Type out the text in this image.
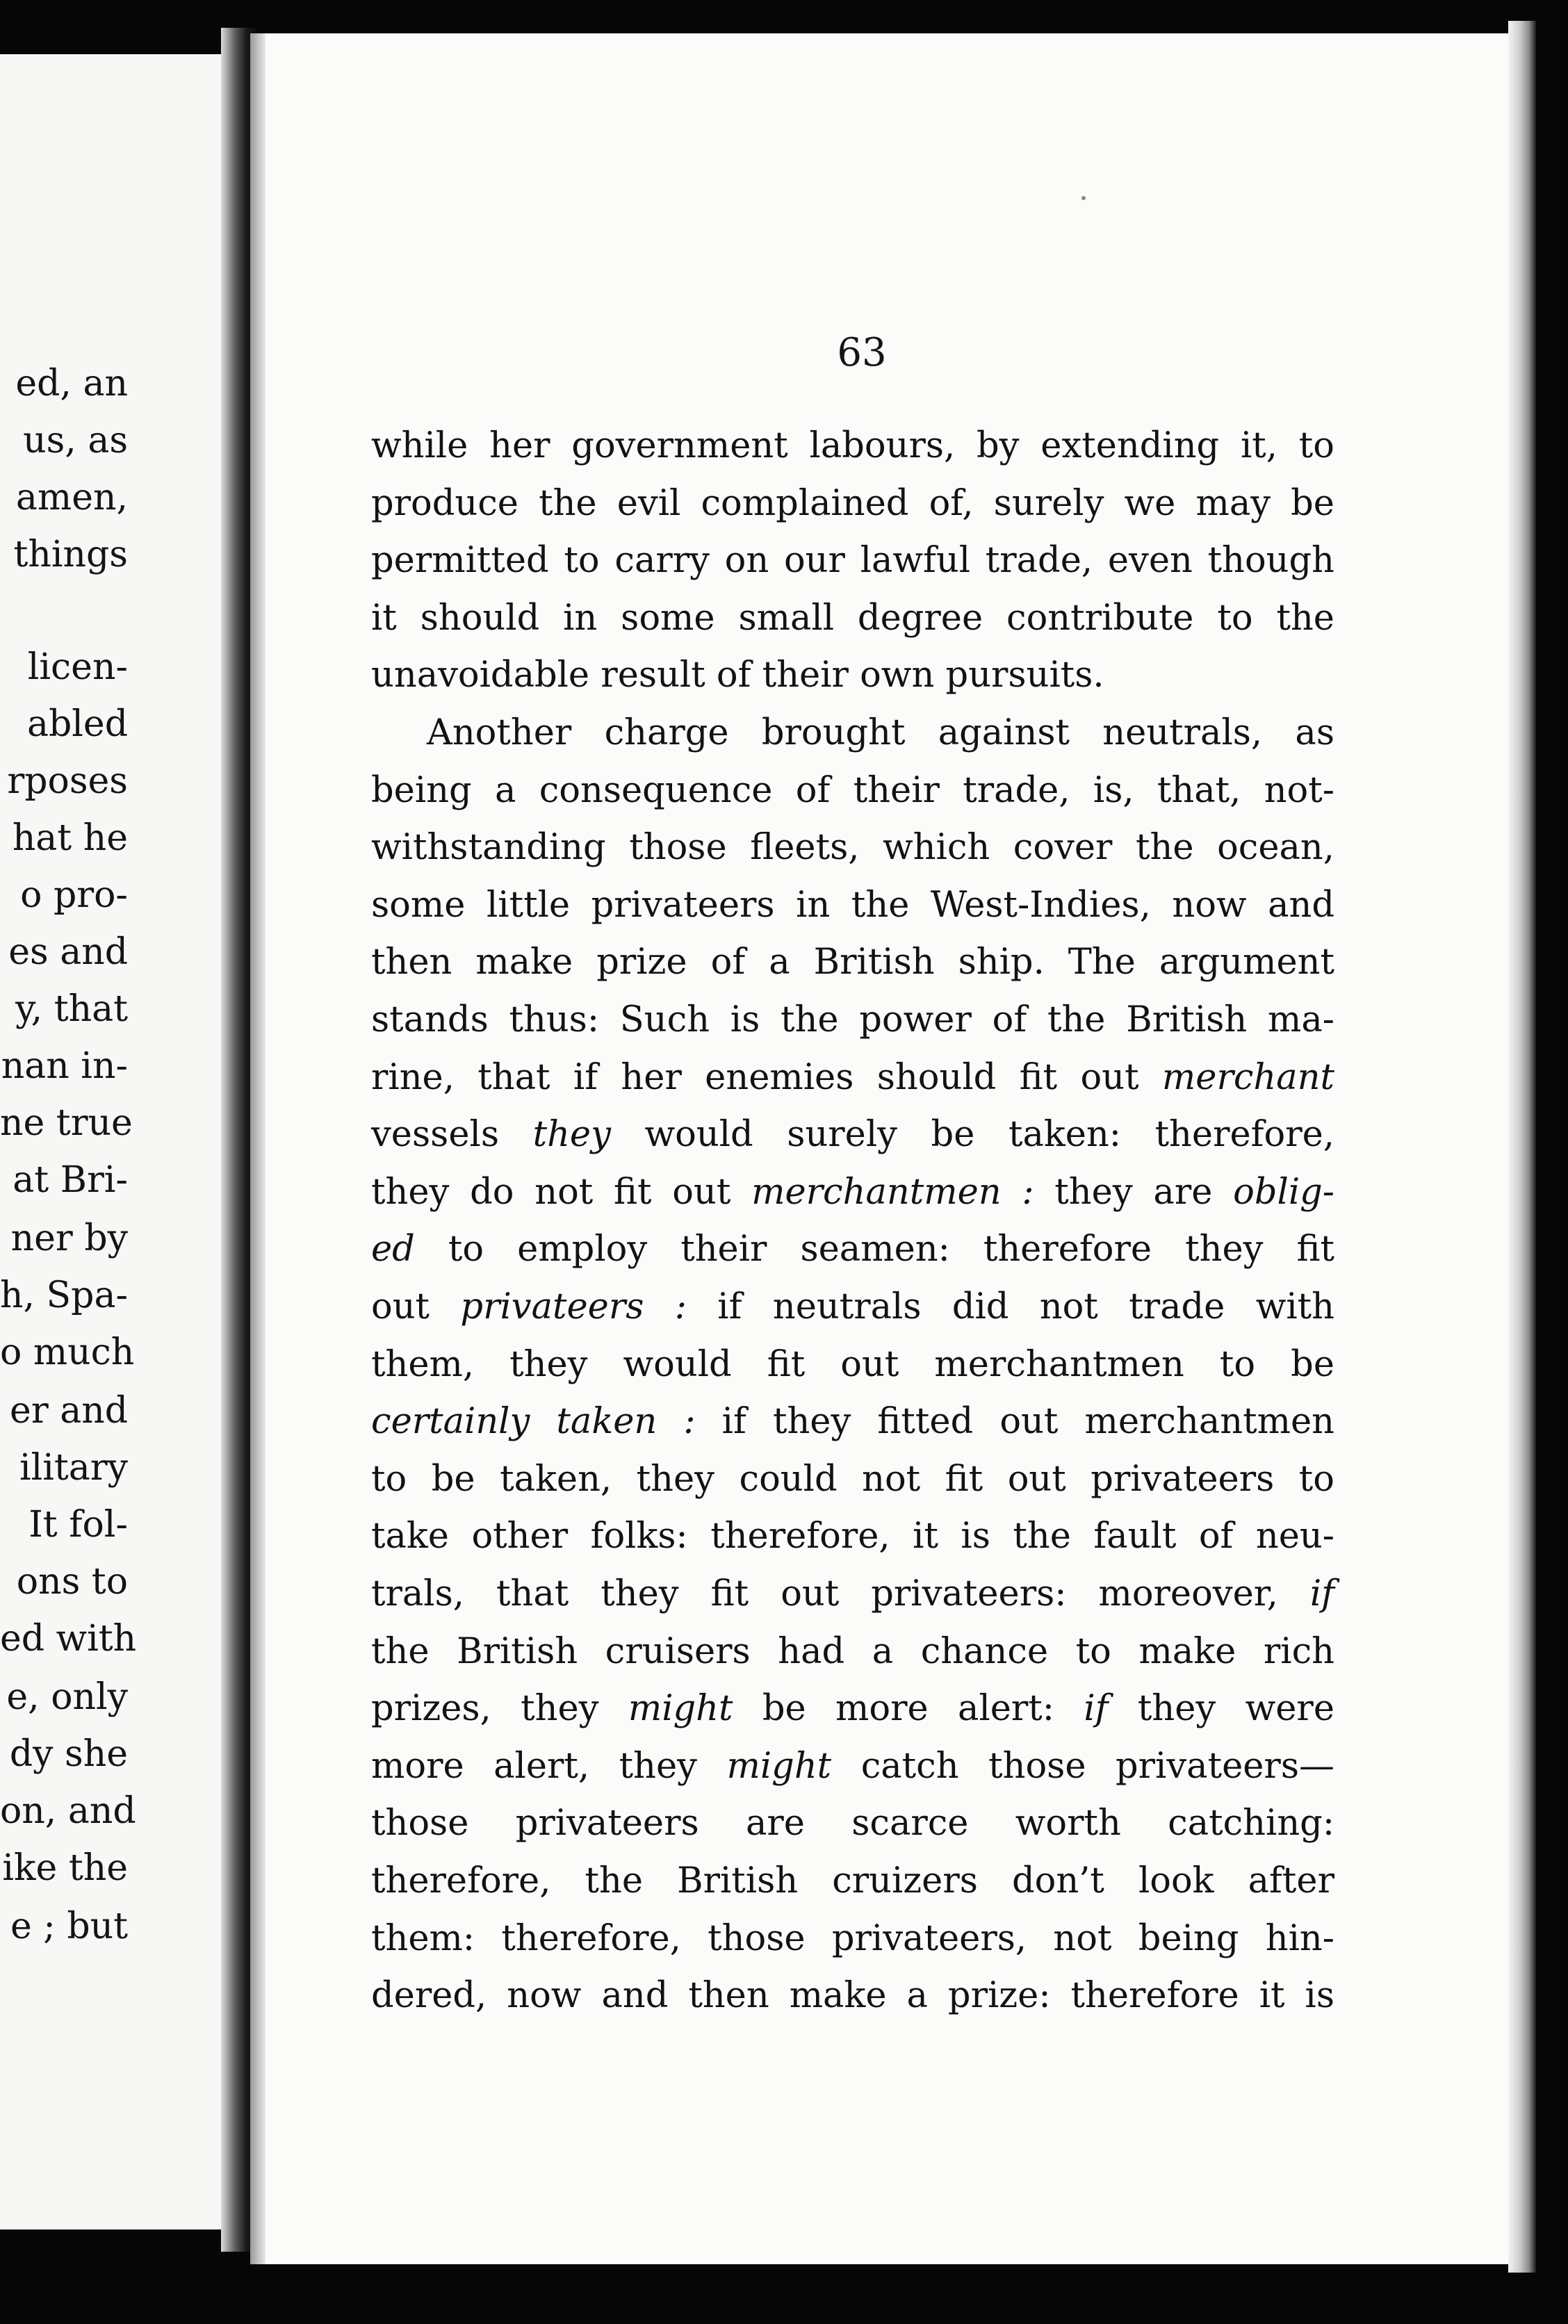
ed, an
us, as
amen,
things
licen-
abled
rposes
hat he
o pro-
es and
y, that
nan in-
ne true
at Bri-
ner by
h, Spa-
o much
er and
ilitary
It fol-
ons to
ed with
e, only
dy she
on, and
ike the
e ; but
63
while her government labours, by extending it, to
produce the evil complained of, surely we may be
permitted to carry on our lawful trade, even though
it should in some small degree contribute to the
unavoidable result of their own pursuits.
Another charge brought against neutrals, as
being a consequence of their trade, is, that, not-
withstanding those fleets, which cover the ocean,
some little privateers in the West-Indies, now and
then make prize of a British ship. The argument
stands thus: Such is the power of the British ma-
rine, that if her enemies should fit out merchant
vessels they would surely be taken: therefore,
they do not fit out merchantmen : they are oblig-
ed to employ their seamen: therefore they fit
out privateers : if neutrals did not trade with
them, they would fit out merchantmen to be
certainly taken : if they fitted out merchantmen
to be taken, they could not fit out privateers to
take other folks: therefore, it is the fault of neu-
trals, that they fit out privateers: moreover, if
the British cruisers had a chance to make rich
prizes, they might be more alert: if they were
more alert, they might catch those privateers—
those privateers are scarce worth catching:
therefore, the British cruizers don’t look after
them: therefore, those privateers, not being hin-
dered, now and then make a prize: therefore it is
